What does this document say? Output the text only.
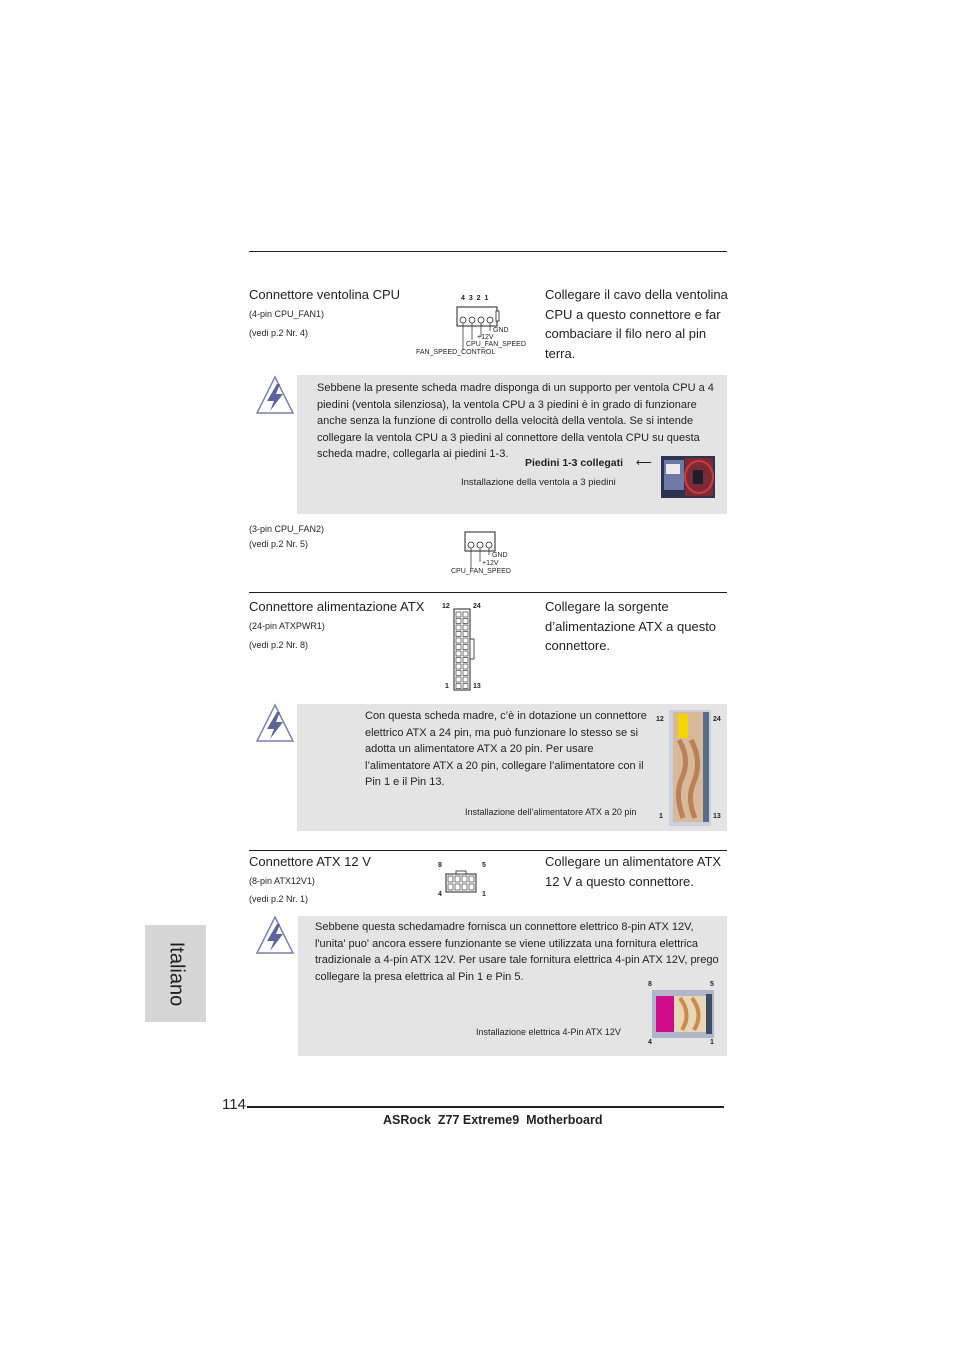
Connettore ventolina CPU
(4-pin CPU_FAN1)
(vedi p.2 Nr. 4)
Collegare il cavo della ventolina CPU a questo connettore e far combaciare il filo nero al pin terra.
4 3 2 1
GND
+12V
CPU_FAN_SPEED
FAN_SPEED_CONTROL
Sebbene la presente scheda madre disponga di un supporto per ventola CPU a 4 piedini (ventola silenziosa), la ventola CPU a 3 piedini è in grado di funzionare anche senza la funzione di controllo della velocità della ventola. Se si intende collegare la ventola CPU a 3 piedini al connettore della ventola CPU su questa scheda madre, collegarla ai piedini 1-3.
Piedini 1-3 collegati ⟵
Installazione della ventola a 3 piedini
(3-pin CPU_FAN2)
(vedi p.2 Nr. 5)
GND
+12V
CPU_FAN_SPEED
Connettore alimentazione ATX
(24-pin ATXPWR1)
(vedi p.2 Nr. 8)
Collegare la sorgente d’alimentazione ATX a questo connettore.
12	24
1	13
Con questa scheda madre, c’è in dotazione un connettore elettrico ATX a 24 pin, ma può funzionare lo stesso se si adotta un alimentatore ATX a 20 pin. Per usare l’alimentatore ATX a 20 pin, collegare l’alimentatore con il Pin 1 e il Pin 13.
Installazione dell’alimentatore ATX a 20 pin
12	24
1	13
Connettore ATX 12 V
(8-pin ATX12V1)
(vedi p.2 Nr. 1)
Collegare un alimentatore ATX 12 V a questo connettore.
8	5
4	1
Sebbene questa schedamadre fornisca un connettore elettrico 8-pin ATX 12V, l'unita' puo' ancora essere funzionante se viene utilizzata una fornitura elettrica tradizionale a 4-pin ATX 12V. Per usare tale fornitura elettrica 4-pin ATX 12V, prego collegare la presa elettrica al Pin 1 e Pin 5.
Installazione elettrica 4-Pin ATX 12V
8	5
4	1
Italiano
114
ASRock  Z77 Extreme9  Motherboard
